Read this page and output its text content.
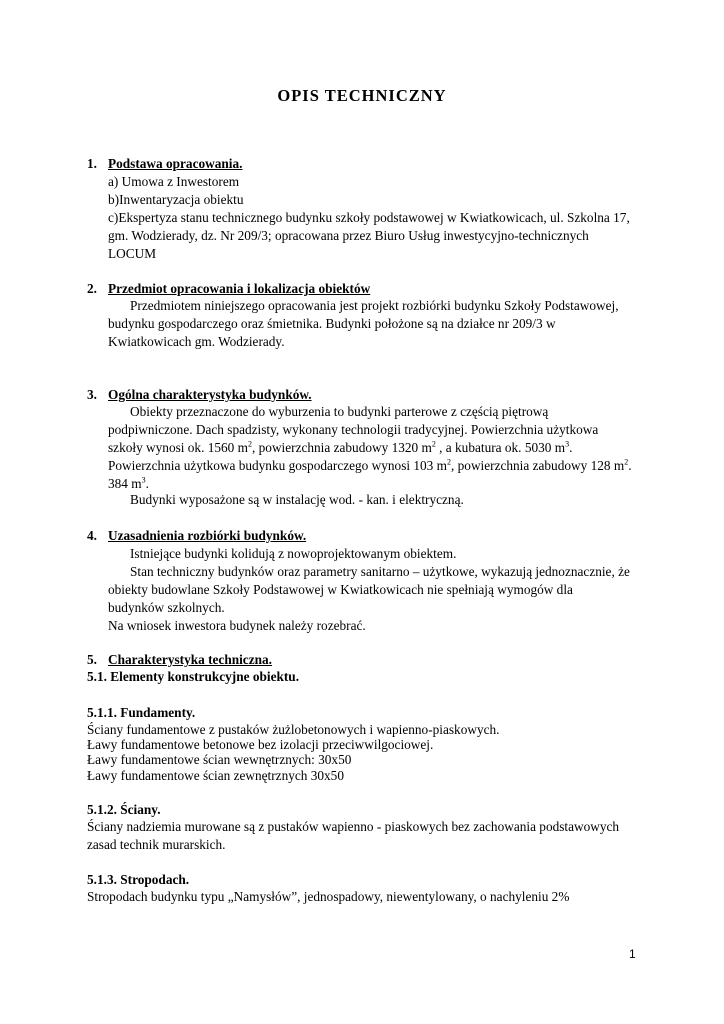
OPIS TECHNICZNY
1. Podstawa opracowania.
a) Umowa z Inwestorem
b)Inwentaryzacja obiektu
c)Ekspertyza stanu technicznego budynku szkoły podstawowej w Kwiatkowicach, ul. Szkolna 17,
gm. Wodzierady, dz. Nr 209/3; opracowana przez Biuro Usług inwestycyjno-technicznych
LOCUM
2. Przedmiot opracowania i lokalizacja obiektów
Przedmiotem niniejszego opracowania jest projekt rozbiórki budynku Szkoły Podstawowej,
budynku gospodarczego oraz śmietnika. Budynki położone są na działce nr 209/3 w
Kwiatkowicach gm. Wodzierady.
3. Ogólna charakterystyka budynków.
Obiekty przeznaczone do wyburzenia to budynki parterowe z częścią piętrową
podpiwniczone. Dach spadzisty, wykonany technologii tradycyjnej. Powierzchnia użytkowa
szkoły wynosi ok. 1560 $m^2$, powierzchnia zabudowy 1320 $m^2$ , a kubatura ok. 5030 $m^3$.
Powierzchnia użytkowa budynku gospodarczego wynosi 103 $m^2$, powierzchnia zabudowy 128 $m^2$.
384 $m^3$.
Budynki wyposażone są w instalację wod. - kan. i elektryczną.
4. Uzasadnienia rozbiórki budynków.
Istniejące budynki kolidują z nowoprojektowanym obiektem.
Stan techniczny budynków oraz parametry sanitarno – użytkowe, wykazują jednoznacznie, że
obiekty budowlane Szkoły Podstawowej w Kwiatkowicach nie spełniają wymogów dla
budynków szkolnych.
Na wniosek inwestora budynek należy rozebrać.
5. Charakterystyka techniczna.
5.1. Elementy konstrukcyjne obiektu.
5.1.1. Fundamenty.
Ściany fundamentowe z pustaków żużlobetonowych i wapienno-piaskowych.
Ławy fundamentowe betonowe bez izolacji przeciwwilgociowej.
Ławy fundamentowe ścian wewnętrznych: 30x50
Ławy fundamentowe ścian zewnętrznych 30x50
5.1.2. Ściany.
Ściany nadziemia murowane są z pustaków wapienno - piaskowych bez zachowania podstawowych
zasad technik murarskich.
5.1.3. Stropodach.
Stropodach budynku typu „Namysłów”, jednospadowy, niewentylowany, o nachyleniu 2%
1
